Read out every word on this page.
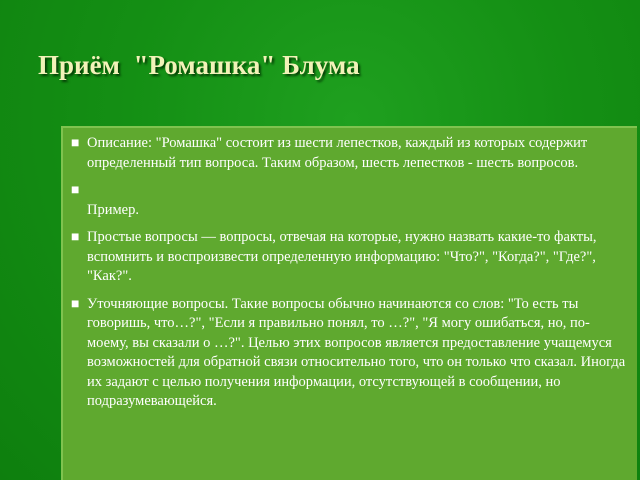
Приём  "Ромашка" Блума
■ Описание: "Ромашка" состоит из шести лепестков, каждый из которых содержит определенный тип вопроса. Таким образом, шесть лепестков - шесть вопросов.
■

Пример.
■ Простые вопросы — вопросы, отвечая на которые, нужно назвать какие-то факты, вспомнить и воспроизвести определенную информацию: "Что?", "Когда?", "Где?", "Как?".
■ Уточняющие вопросы. Такие вопросы обычно начинаются со слов: "То есть ты говоришь, что…?", "Если я правильно понял, то …?", "Я могу ошибаться, но, по-моему, вы сказали о …?". Целью этих вопросов является предоставление учащемуся возможностей для обратной связи относительно того, что он только что сказал. Иногда их задают с целью получения информации, отсутствующей в сообщении, но подразумевающейся.
